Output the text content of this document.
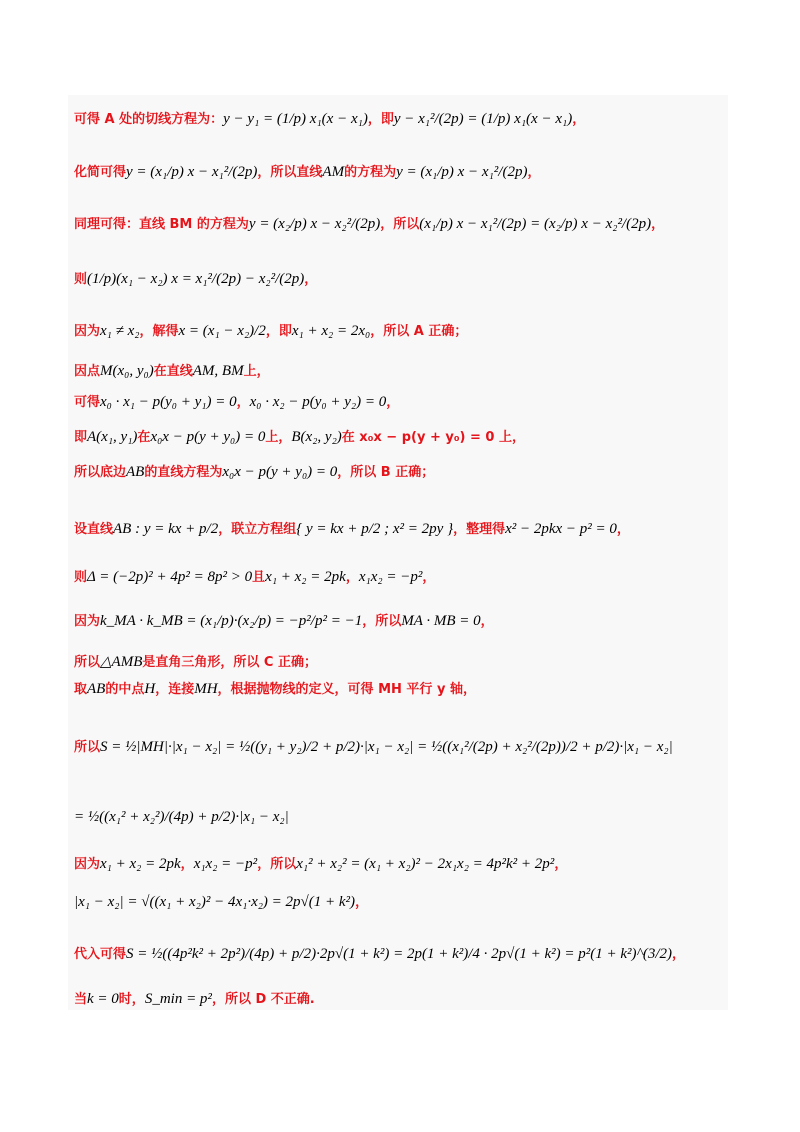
可得 A 处的切线方程为：y − y₁ = (1/p) x₁(x − x₁)，即y − x₁²/(2p) = (1/p) x₁(x − x₁)，
化简可得y = (x₁/p) x − x₁²/(2p)，所以直线AM的方程为y = (x₁/p) x − x₁²/(2p)，
同理可得：直线 BM 的方程为y = (x₂/p) x − x₂²/(2p)，所以(x₁/p) x − x₁²/(2p) = (x₂/p) x − x₂²/(2p)，
则(1/p)(x₁ − x₂) x = x₁²/(2p) − x₂²/(2p)，
因为x₁ ≠ x₂，解得x = (x₁ − x₂)/2，即x₁ + x₂ = 2x₀，所以 A 正确；
因点M(x₀, y₀)在直线AM, BM上，
可得x₀ · x₁ − p(y₀ + y₁) = 0，x₀ · x₂ − p(y₀ + y₂) = 0，
即A(x₁, y₁)在x₀x − p(y + y₀) = 0上，B(x₂, y₂)在 x₀x − p(y + y₀) = 0 上，
所以底边AB的直线方程为x₀x − p(y + y₀) = 0，所以 B 正确；
设直线AB : y = kx + p/2，联立方程组{ y = kx + p/2 ; x² = 2py }，整理得x² − 2pkx − p² = 0，
则Δ = (−2p)² + 4p² = 8p² > 0且x₁ + x₂ = 2pk，x₁x₂ = −p²，
因为k_MA · k_MB = (x₁/p)·(x₂/p) = −p²/p² = −1，所以MA · MB = 0，
所以△AMB是直角三角形，所以 C 正确；
取AB的中点H，连接MH，根据抛物线的定义，可得 MH 平行 y 轴，
所以S = ½|MH|·|x₁ − x₂| = ½((y₁ + y₂)/2 + p/2)·|x₁ − x₂| = ½((x₁²/(2p) + x₂²/(2p))/2 + p/2)·|x₁ − x₂|
= ½((x₁² + x₂²)/(4p) + p/2)·|x₁ − x₂|
因为x₁ + x₂ = 2pk，x₁x₂ = −p²，所以x₁² + x₂² = (x₁ + x₂)² − 2x₁x₂ = 4p²k² + 2p²，
|x₁ − x₂| = √((x₁ + x₂)² − 4x₁·x₂) = 2p√(1 + k²)，
代入可得S = ½((4p²k² + 2p²)/(4p) + p/2)·2p√(1 + k²) = 2p(1 + k²)/4 · 2p√(1 + k²) = p²(1 + k²)^(3/2)，
当k = 0时，S_min = p²，所以 D 不正确.
